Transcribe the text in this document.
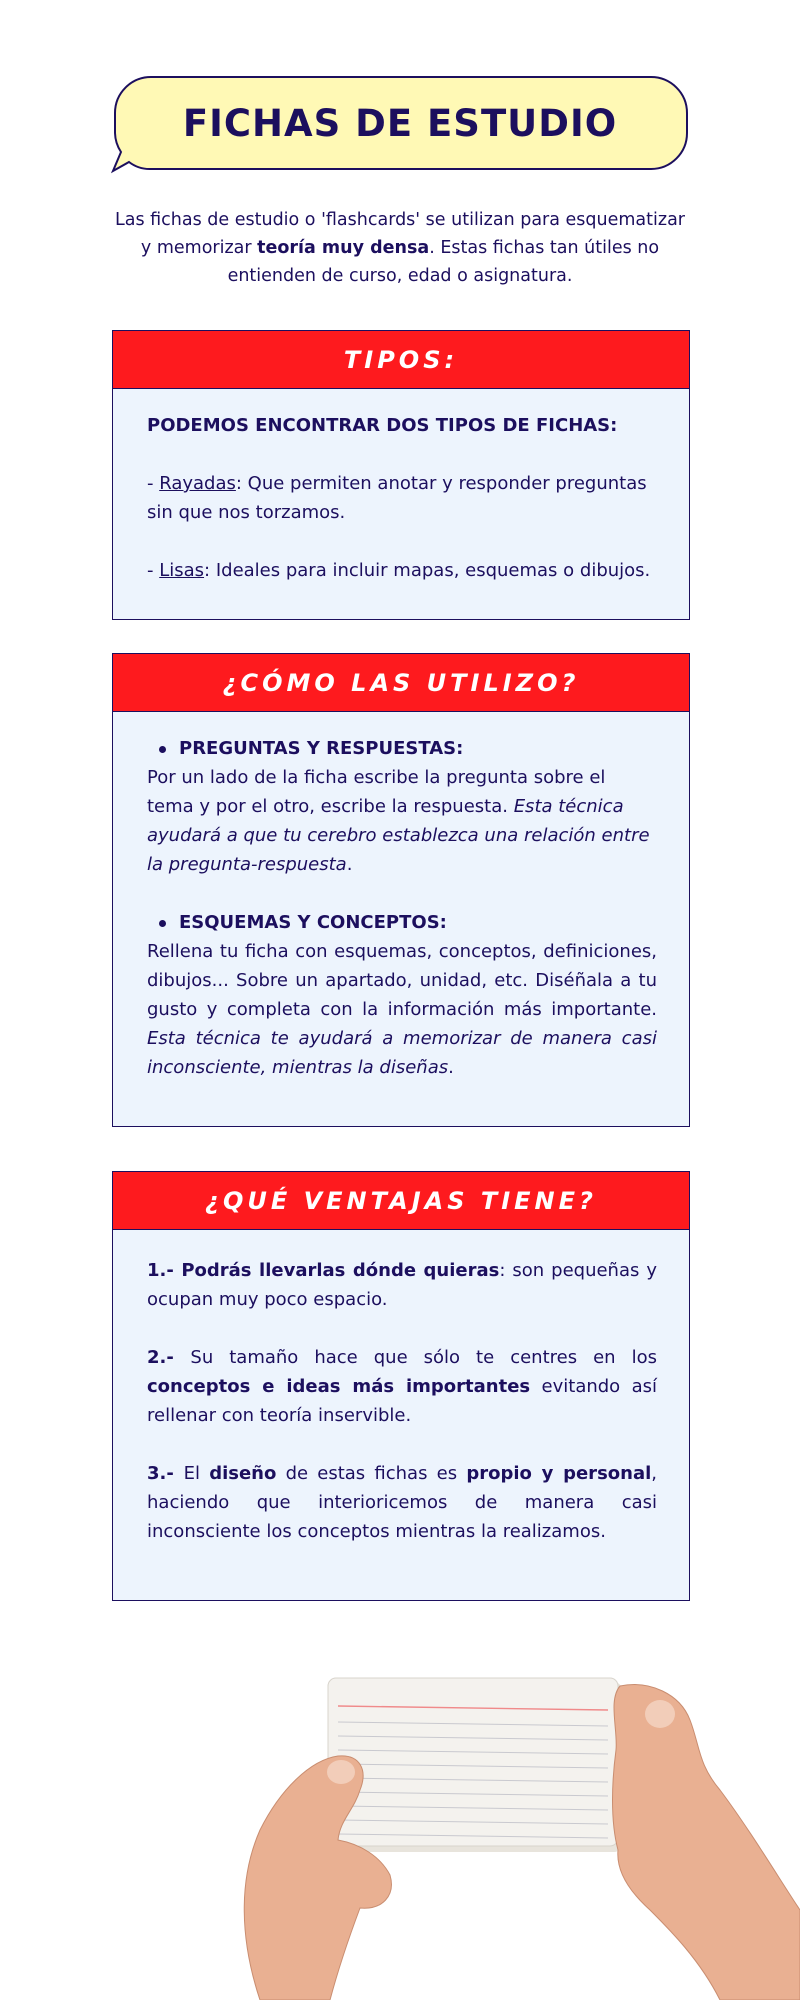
FICHAS DE ESTUDIO
Las fichas de estudio o 'flashcards' se utilizan para esquematizar y memorizar teoría muy densa. Estas fichas tan útiles no entienden de curso, edad o asignatura.
TIPOS:

PODEMOS ENCONTRAR DOS TIPOS DE FICHAS:

- Rayadas: Que permiten anotar y responder preguntas sin que nos torzamos.

- Lisas: Ideales para incluir mapas, esquemas o dibujos.

¿CÓMO LAS UTILIZO?

PREGUNTAS Y RESPUESTAS:

Por un lado de la ficha escribe la pregunta sobre el tema y por el otro, escribe la respuesta. Esta técnica ayudará a que tu cerebro establezca una relación entre la pregunta-respuesta.

ESQUEMAS Y CONCEPTOS:

Rellena tu ficha con esquemas, conceptos, definiciones, dibujos... Sobre un apartado, unidad, etc. Diséñala a tu gusto y completa con la información más importante. Esta técnica te ayudará a memorizar de manera casi inconsciente, mientras la diseñas.

¿QUÉ VENTAJAS TIENE?

1.- Podrás llevarlas dónde quieras: son pequeñas y ocupan muy poco espacio.

2.- Su tamaño hace que sólo te centres en los conceptos e ideas más importantes evitando así rellenar con teoría inservible.

3.- El diseño de estas fichas es propio y personal, haciendo que interioricemos de manera casi inconsciente los conceptos mientras la realizamos.
